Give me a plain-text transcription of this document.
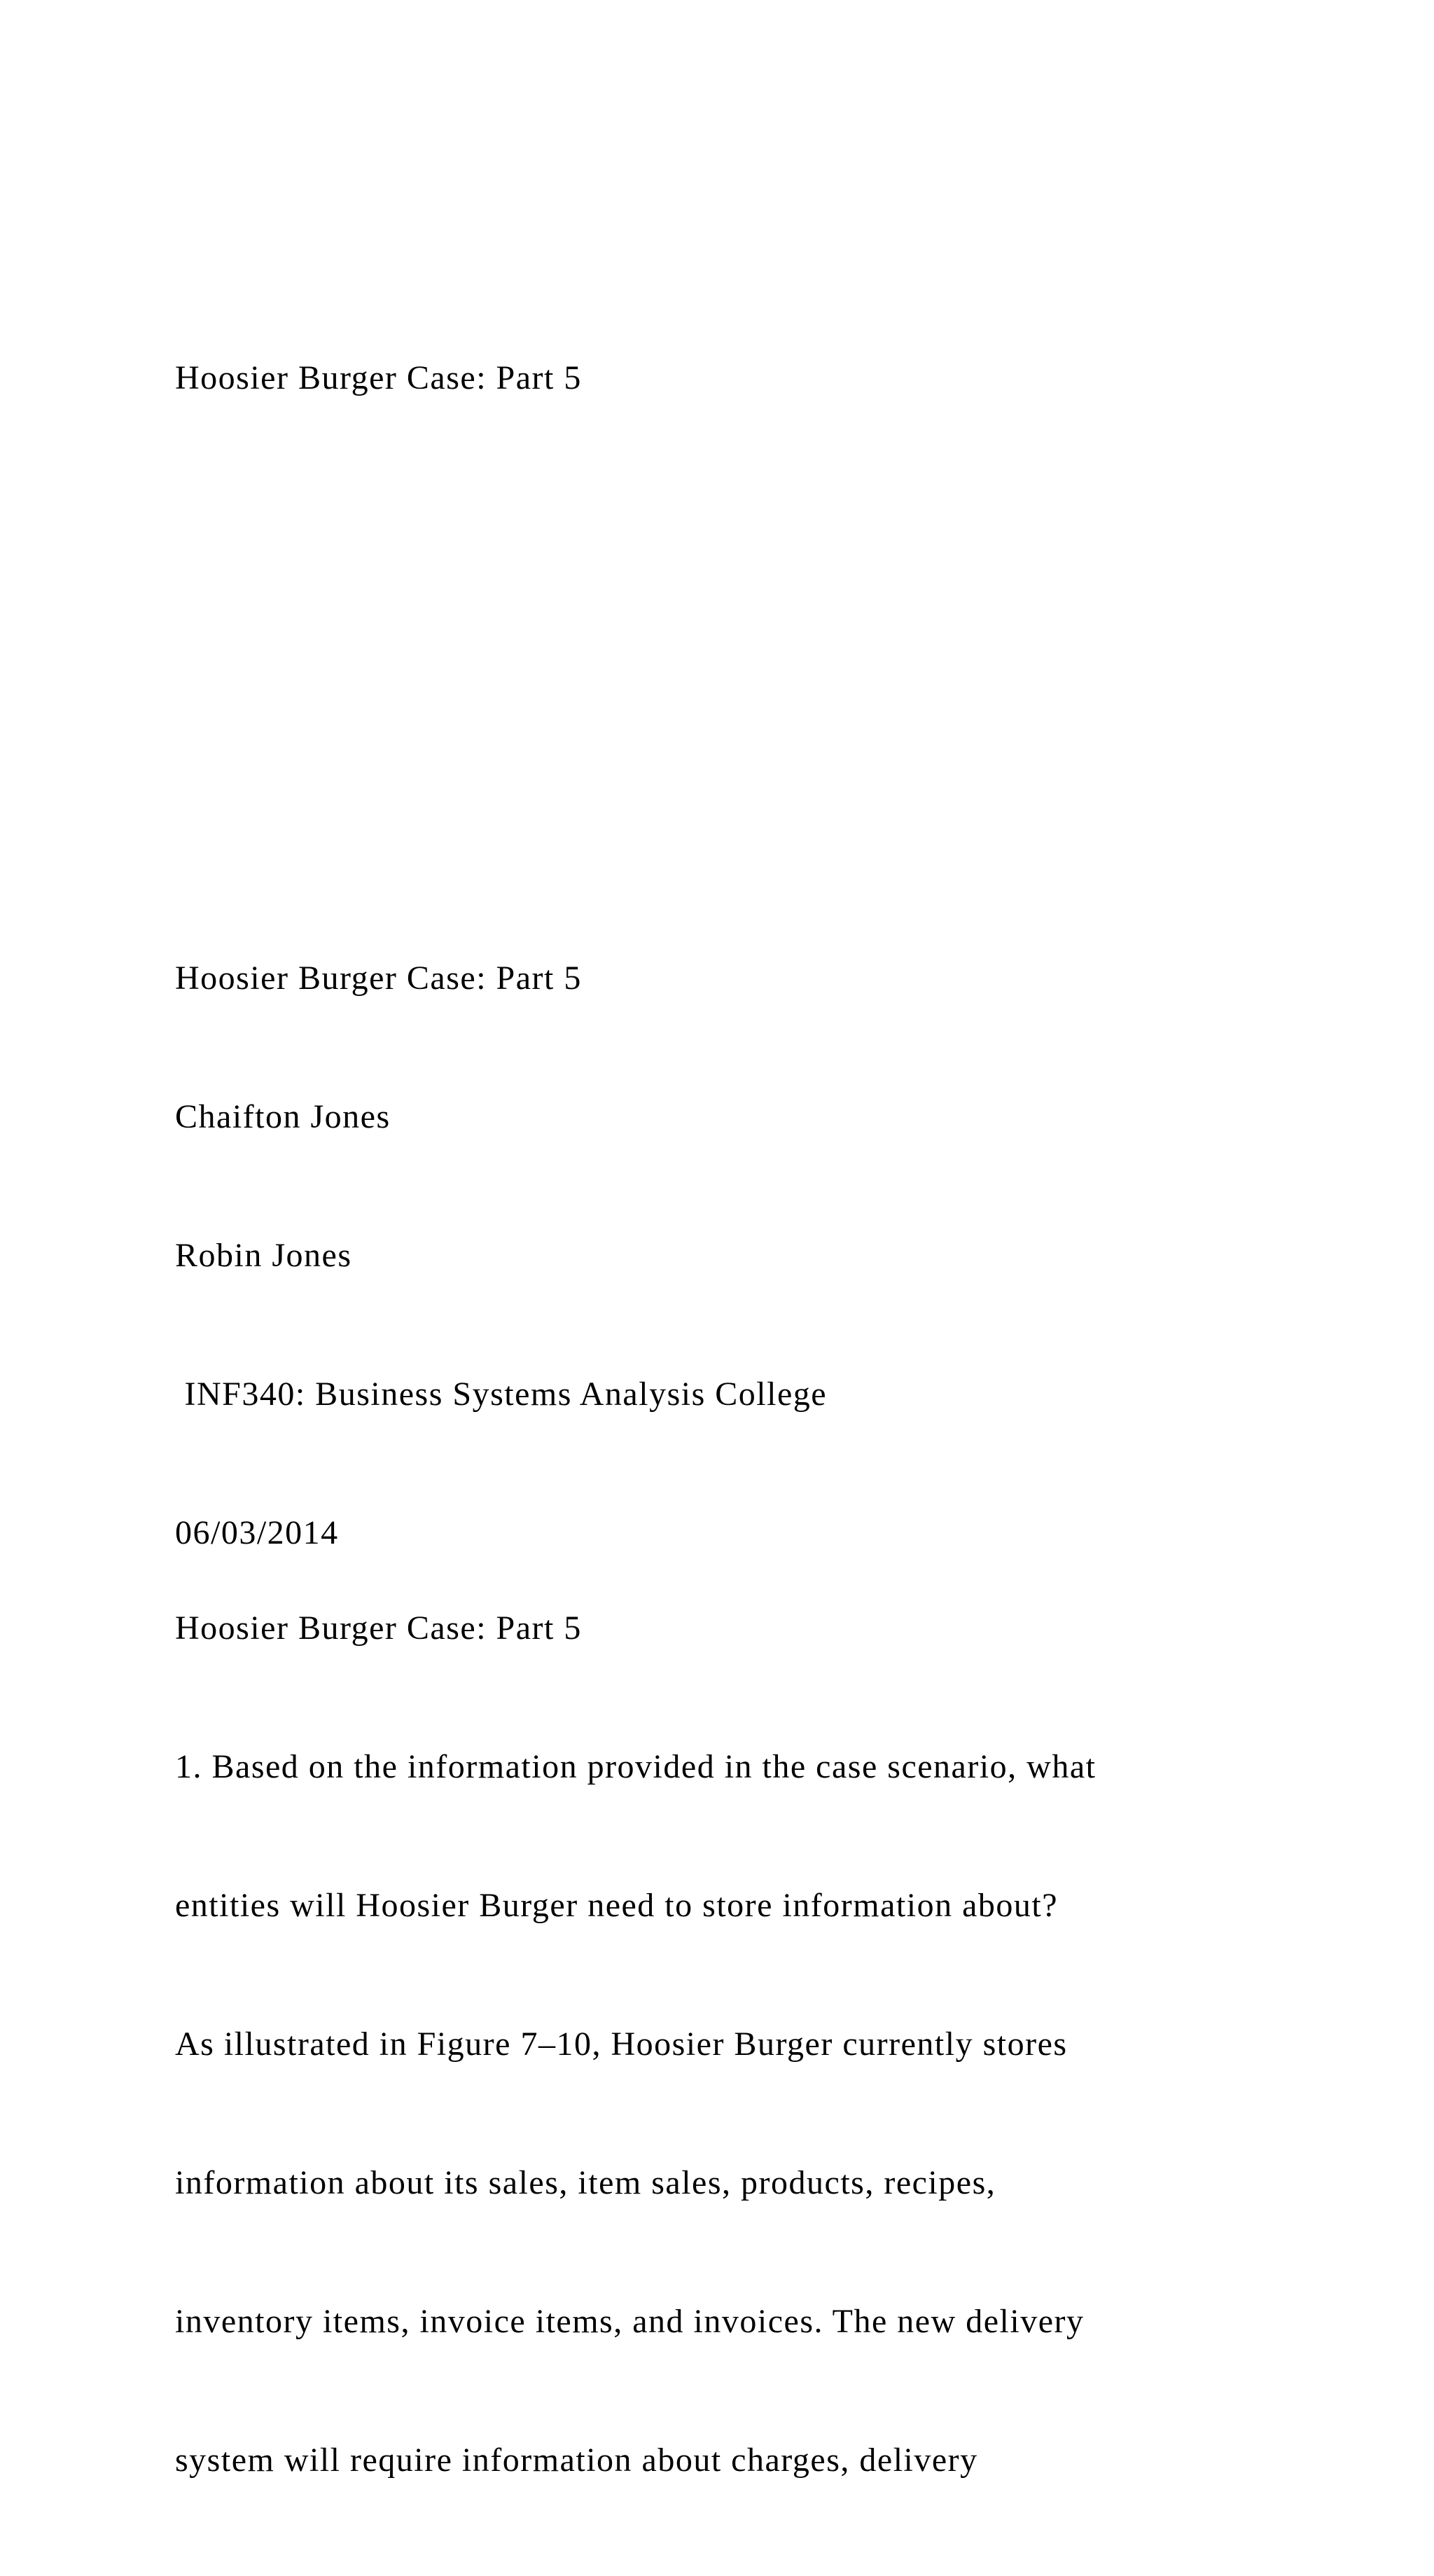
Hoosier Burger Case: Part 5

Hoosier Burger Case: Part 5

Chaifton Jones

Robin Jones

INF340: Business Systems Analysis College

06/03/2014

Hoosier Burger Case: Part 5

1. Based on the information provided in the case scenario, what

entities will Hoosier Burger need to store information about?

As illustrated in Figure 7–10, Hoosier Burger currently stores

information about its sales, item sales, products, recipes,

inventory items, invoice items, and invoices. The new delivery

system will require information about charges, delivery
